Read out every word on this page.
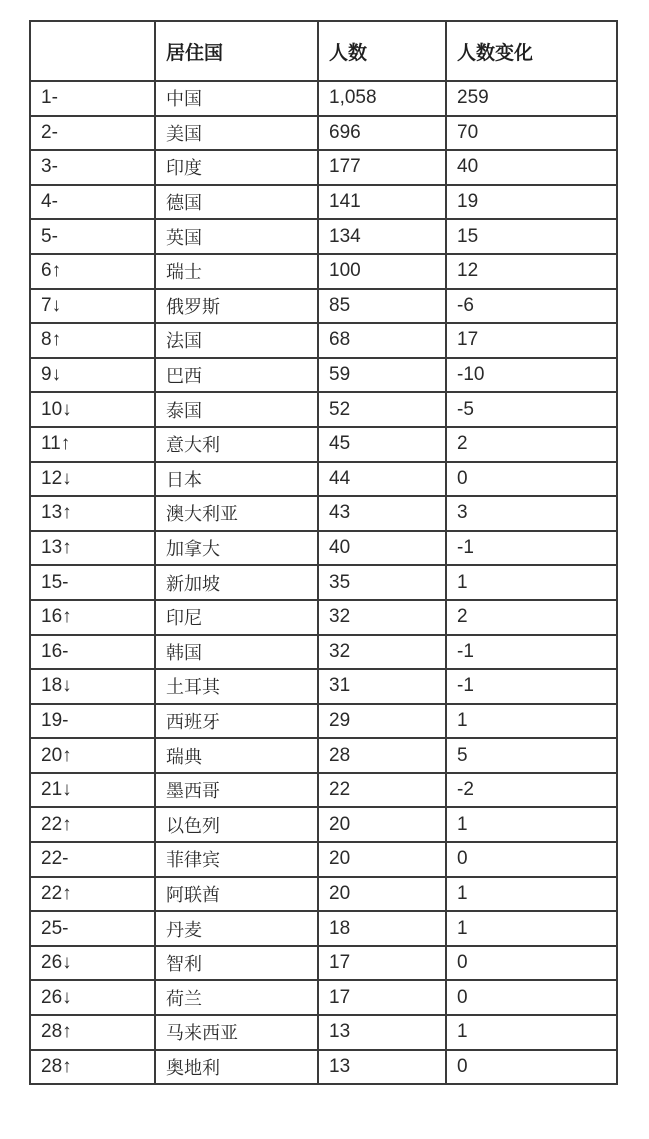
	居住国	人数	人数变化
1-	中国	1,058	259
2-	美国	696	70
3-	印度	177	40
4-	德国	141	19
5-	英国	134	15
6↑	瑞士	100	12
7↓	俄罗斯	85	-6
8↑	法国	68	17
9↓	巴西	59	-10
10↓	泰国	52	-5
11↑	意大利	45	2
12↓	日本	44	0
13↑	澳大利亚	43	3
13↑	加拿大	40	-1
15-	新加坡	35	1
16↑	印尼	32	2
16-	韩国	32	-1
18↓	土耳其	31	-1
19-	西班牙	29	1
20↑	瑞典	28	5
21↓	墨西哥	22	-2
22↑	以色列	20	1
22-	菲律宾	20	0
22↑	阿联酋	20	1
25-	丹麦	18	1
26↓	智利	17	0
26↓	荷兰	17	0
28↑	马来西亚	13	1
28↑	奥地利	13	0
